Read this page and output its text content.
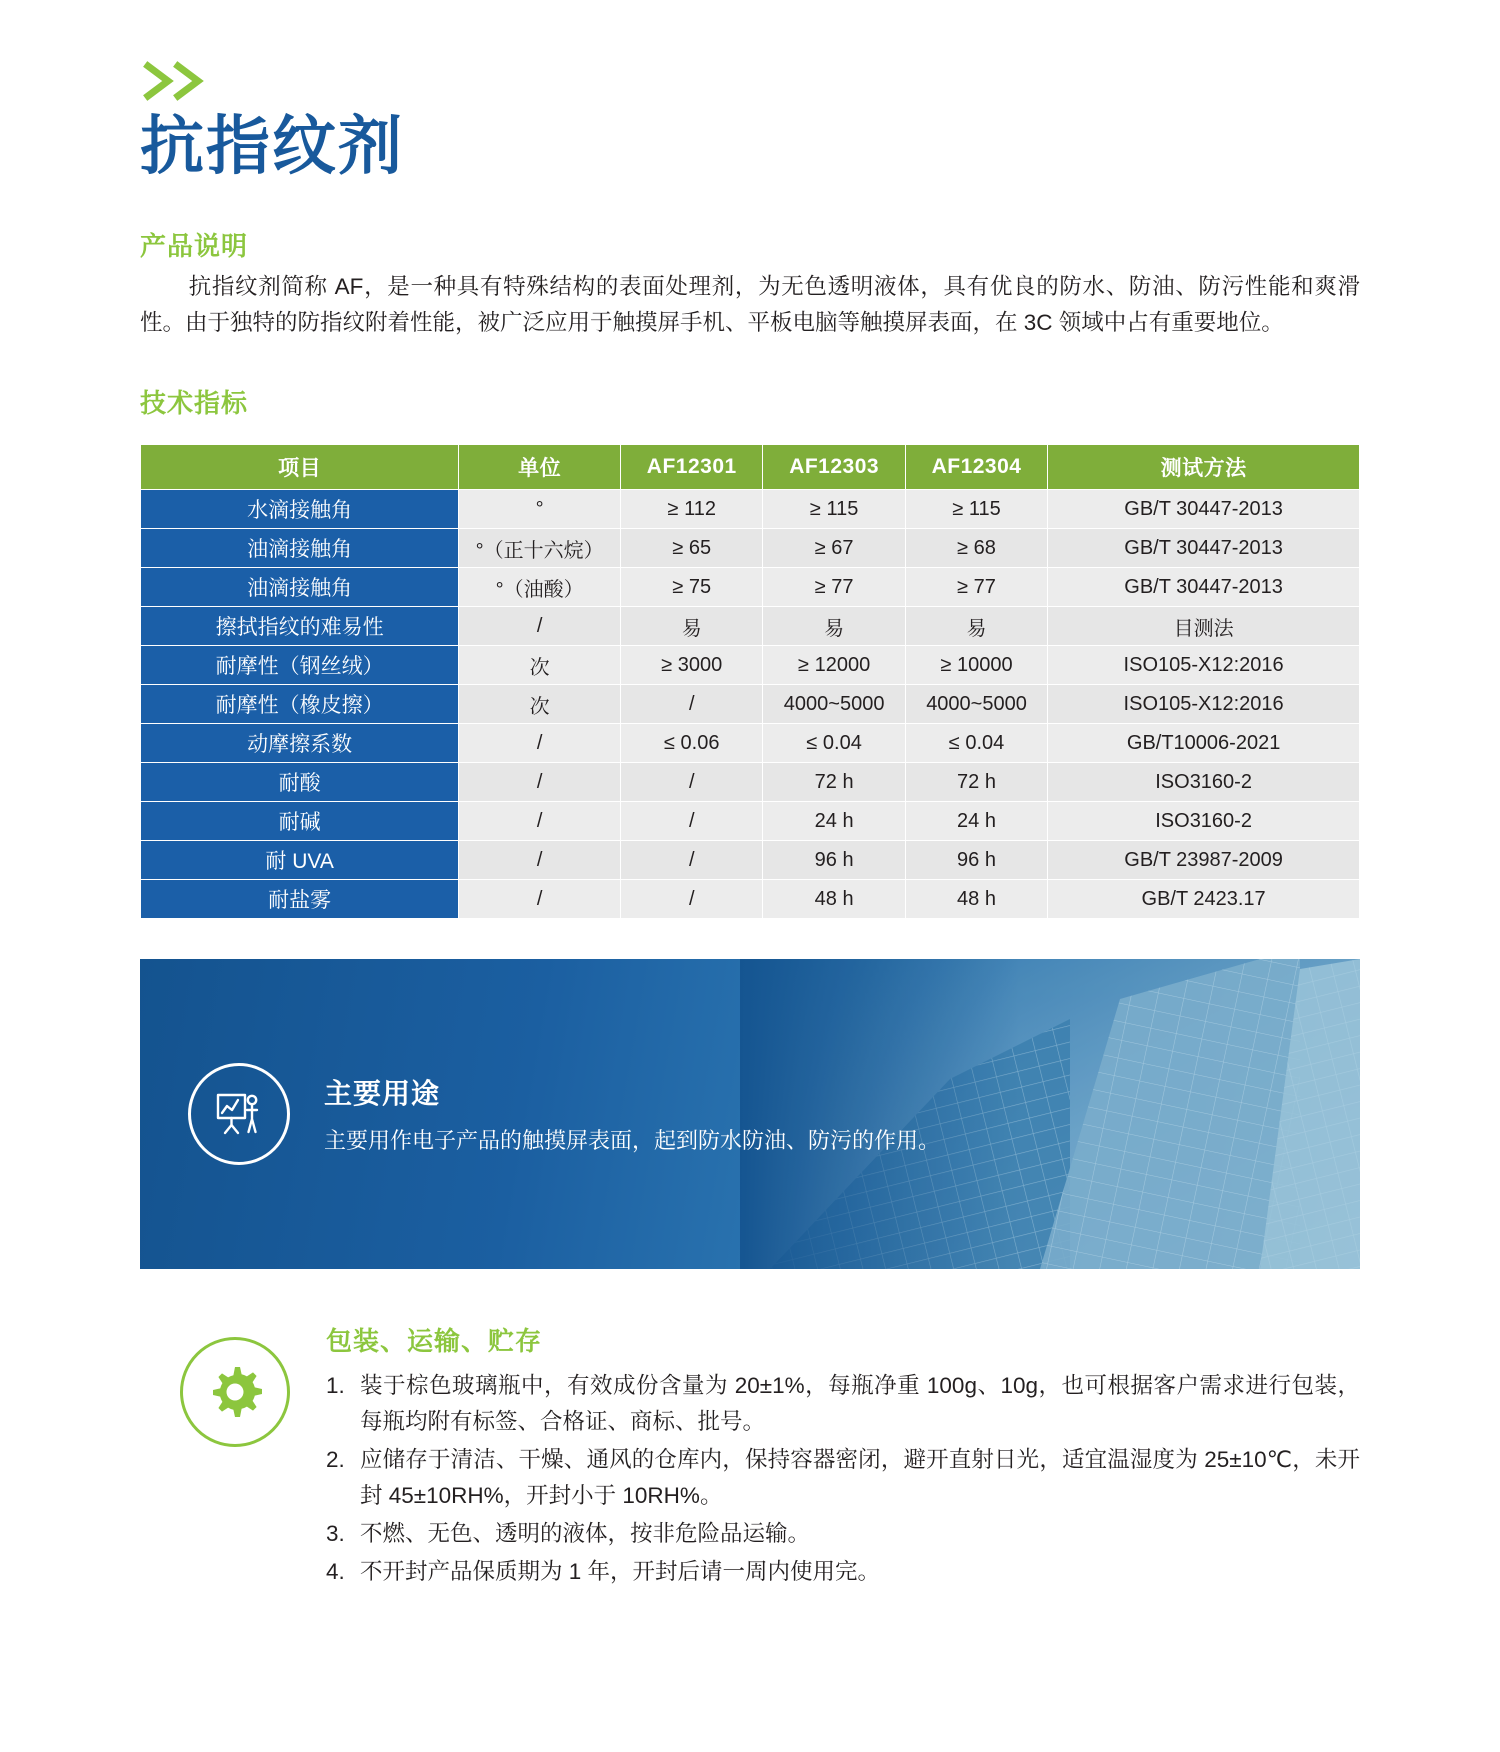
抗指纹剂
产品说明

抗指纹剂简称 AF，是一种具有特殊结构的表面处理剂，为无色透明液体，具有优良的防水、防油、防污性能和爽滑性。由于独特的防指纹附着性能，被广泛应用于触摸屏手机、平板电脑等触摸屏表面，在 3C 领域中占有重要地位。

技术指标
项目	单位	AF12301	AF12303	AF12304	测试方法
水滴接触角	°	≥ 112	≥ 115	≥ 115	GB/T 30447-2013
油滴接触角	°（正十六烷）	≥ 65	≥ 67	≥ 68	GB/T 30447-2013
油滴接触角	°（油酸）	≥ 75	≥ 77	≥ 77	GB/T 30447-2013
擦拭指纹的难易性	/	易	易	易	目测法
耐摩性（钢丝绒）	次	≥ 3000	≥ 12000	≥ 10000	ISO105-X12:2016
耐摩性（橡皮擦）	次	/	4000~5000	4000~5000	ISO105-X12:2016
动摩擦系数	/	≤ 0.06	≤ 0.04	≤ 0.04	GB/T10006-2021
耐酸	/	/	72 h	72 h	ISO3160-2
耐碱	/	/	24 h	24 h	ISO3160-2
耐 UVA	/	/	96 h	96 h	GB/T 23987-2009
耐盐雾	/	/	48 h	48 h	GB/T 2423.17
主要用途
主要用作电子产品的触摸屏表面，起到防水防油、防污的作用。
包装、运输、贮存
1. 装于棕色玻璃瓶中，有效成份含量为 20±1%，每瓶净重 100g、10g，也可根据客户需求进行包装，每瓶均附有标签、合格证、商标、批号。
2. 应储存于清洁、干燥、通风的仓库内，保持容器密闭，避开直射日光，适宜温湿度为 25±10℃，未开封 45±10RH%，开封小于 10RH%。
3. 不燃、无色、透明的液体，按非危险品运输。
4. 不开封产品保质期为 1 年，开封后请一周内使用完。
